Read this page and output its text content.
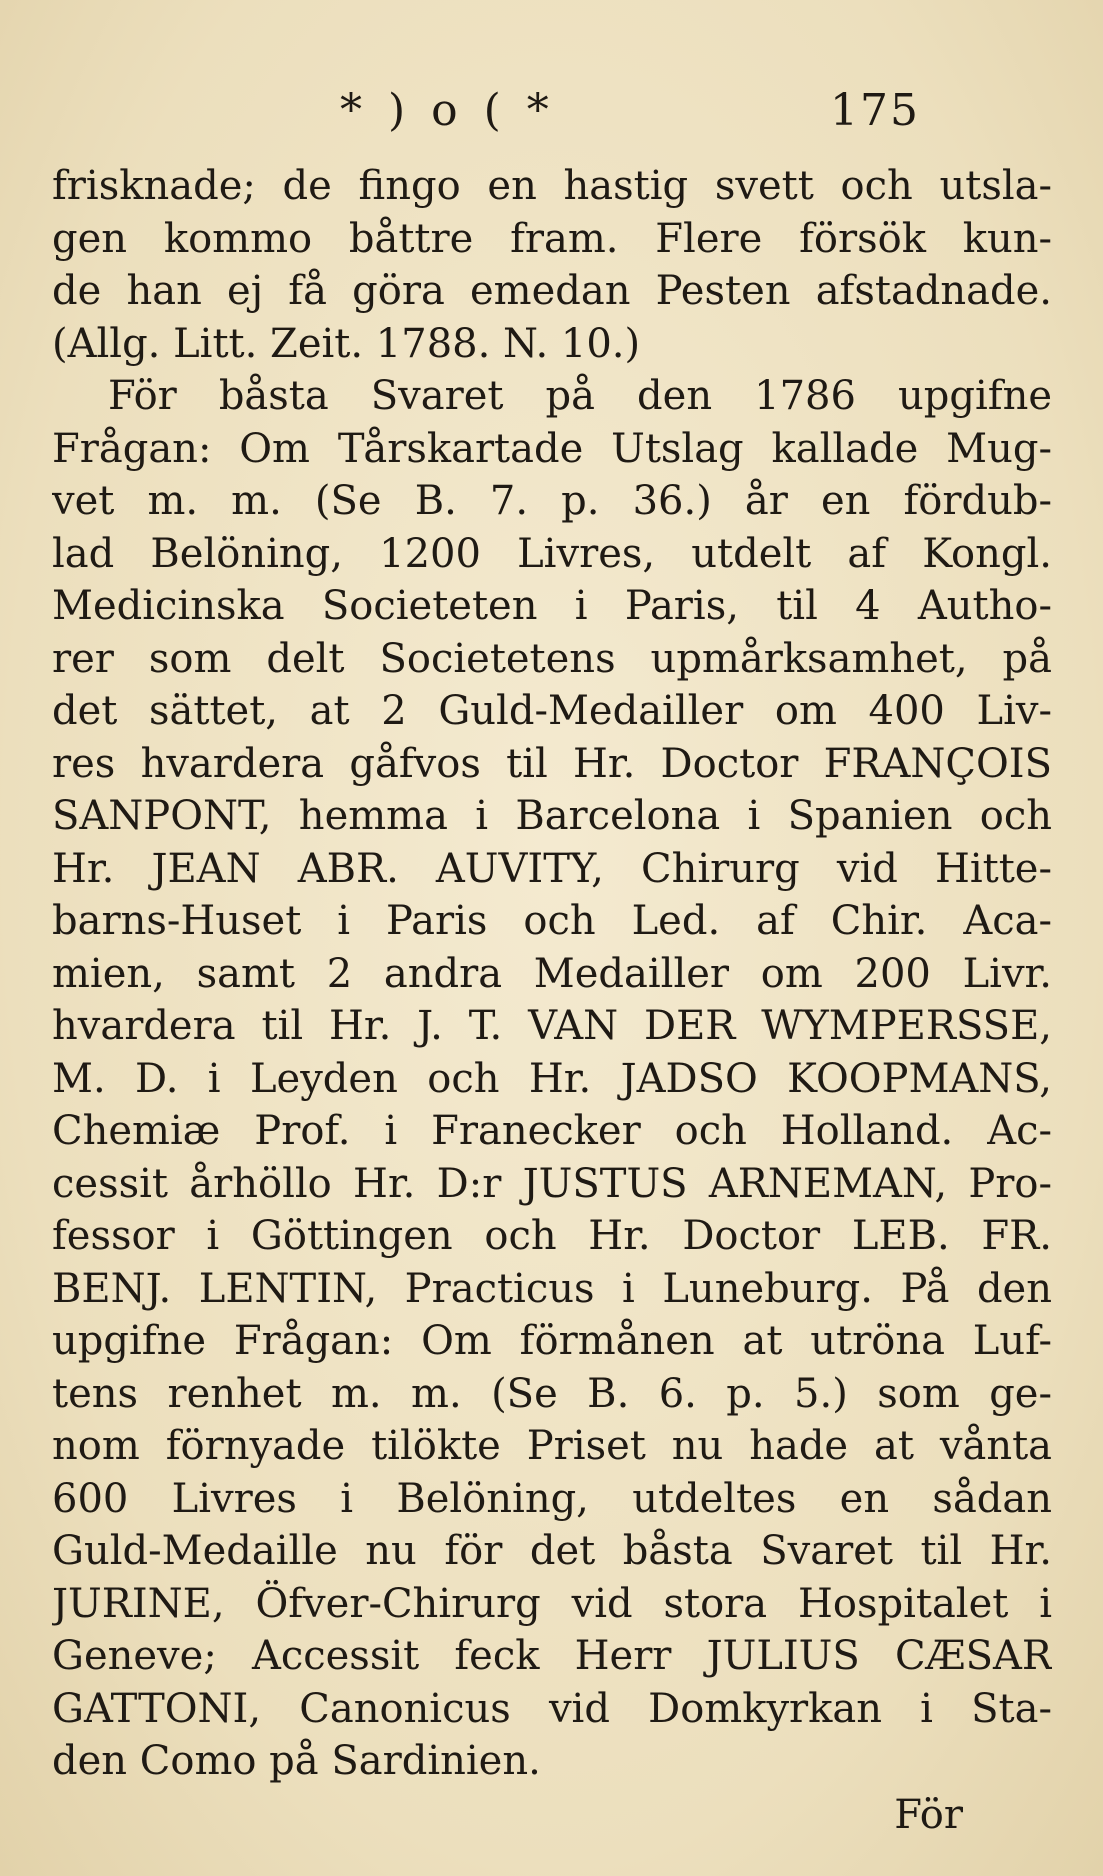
* ) o ( *	175
frisknade; de fingo en hastig svett och utsla-
gen kommo båttre fram. Flere försök kun-
de han ej få göra emedan Pesten afstadnade.
(Allg. Litt. Zeit. 1788. N. 10.)
För båsta Svaret på den 1786 upgifne
Frågan: Om Tårskartade Utslag kallade Mug-
vet m. m. (Se B. 7. p. 36.) år en fördub-
lad Belöning, 1200 Livres, utdelt af Kongl.
Medicinska Societeten i Paris, til 4 Autho-
rer som delt Societetens upmårksamhet, på
det sättet, at 2 Guld-Medailler om 400 Liv-
res hvardera gåfvos til Hr. Doctor FRANÇOIS
SANPONT, hemma i Barcelona i Spanien och
Hr. JEAN ABR. AUVITY, Chirurg vid Hitte-
barns-Huset i Paris och Led. af Chir. Aca-
mien, samt 2 andra Medailler om 200 Livr.
hvardera til Hr. J. T. VAN DER WYMPERSSE,
M. D. i Leyden och Hr. JADSO KOOPMANS,
Chemiæ Prof. i Franecker och Holland. Ac-
cessit århöllo Hr. D:r JUSTUS ARNEMAN, Pro-
fessor i Göttingen och Hr. Doctor LEB. FR.
BENJ. LENTIN, Practicus i Luneburg. På den
upgifne Frågan: Om förmånen at utröna Luf-
tens renhet m. m. (Se B. 6. p. 5.) som ge-
nom förnyade tilökte Priset nu hade at vånta
600 Livres i Belöning, utdeltes en sådan
Guld-Medaille nu för det båsta Svaret til Hr.
JURINE, Öfver-Chirurg vid stora Hospitalet i
Geneve; Accessit feck Herr JULIUS CÆSAR
GATTONI, Canonicus vid Domkyrkan i Sta-
den Como på Sardinien.
För
